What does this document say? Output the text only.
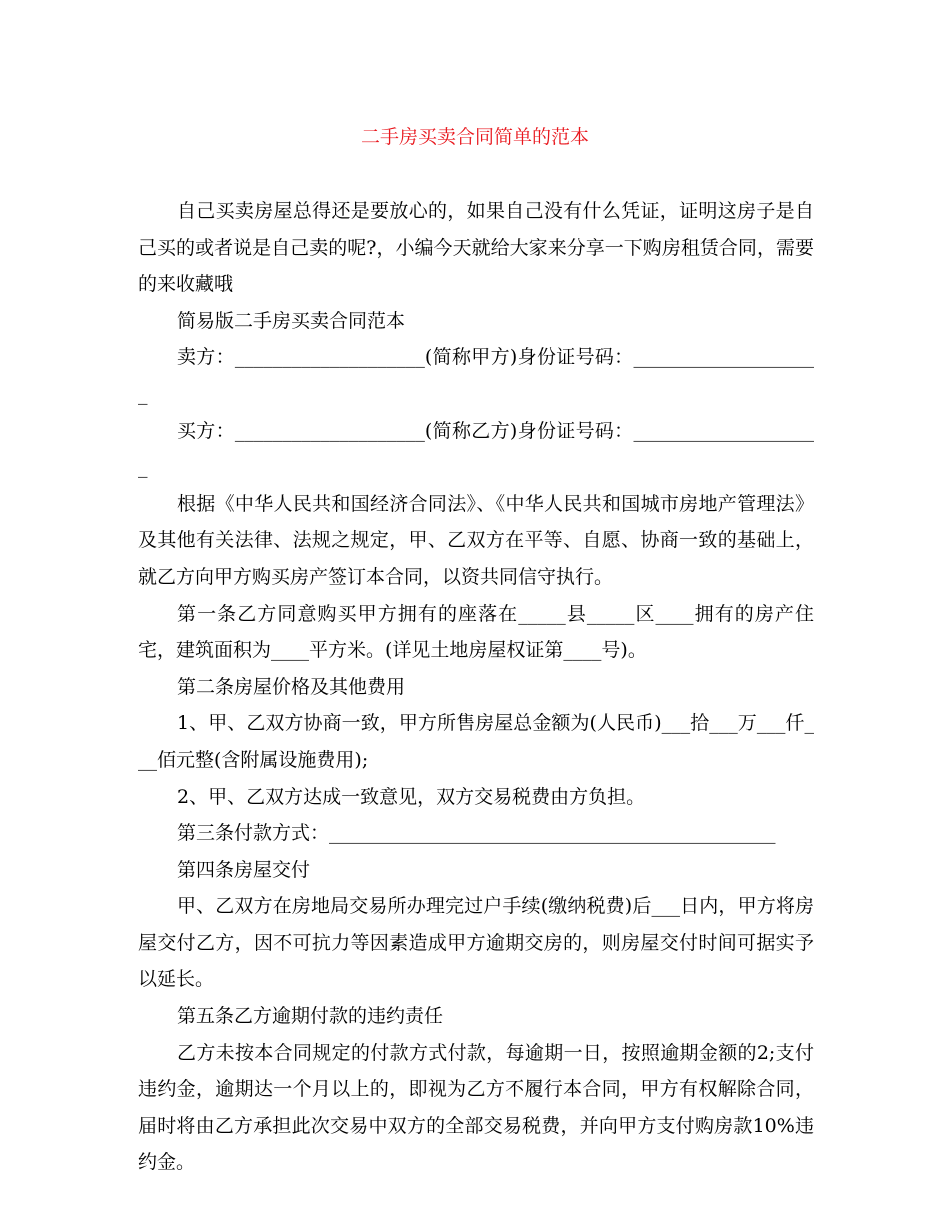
二手房买卖合同简单的范本

自己买卖房屋总得还是要放心的，如果自己没有什么凭证，证明这房子是自己买的或者说是自己卖的呢?，小编今天就给大家来分享一下购房租赁合同，需要的来收藏哦

简易版二手房买卖合同范本

卖方：____________________(简称甲方)身份证号码：____________________

买方：____________________(简称乙方)身份证号码：____________________

根据《中华人民共和国经济合同法》、《中华人民共和国城市房地产管理法》及其他有关法律、法规之规定，甲、乙双方在平等、自愿、协商一致的基础上，就乙方向甲方购买房产签订本合同，以资共同信守执行。

第一条乙方同意购买甲方拥有的座落在_____县_____区____拥有的房产住宅，建筑面积为____平方米。(详见土地房屋权证第____号)。

第二条房屋价格及其他费用

1、甲、乙双方协商一致，甲方所售房屋总金额为(人民币)___拾___万___仟___佰元整(含附属设施费用);

2、甲、乙双方达成一致意见，双方交易税费由方负担。

第三条付款方式：_______________________________________________

第四条房屋交付

甲、乙双方在房地局交易所办理完过户手续(缴纳税费)后___日内，甲方将房屋交付乙方，因不可抗力等因素造成甲方逾期交房的，则房屋交付时间可据实予以延长。

第五条乙方逾期付款的违约责任

乙方未按本合同规定的付款方式付款，每逾期一日，按照逾期金额的2;支付违约金，逾期达一个月以上的，即视为乙方不履行本合同，甲方有权解除合同，届时将由乙方承担此次交易中双方的全部交易税费，并向甲方支付购房款10%违约金。
